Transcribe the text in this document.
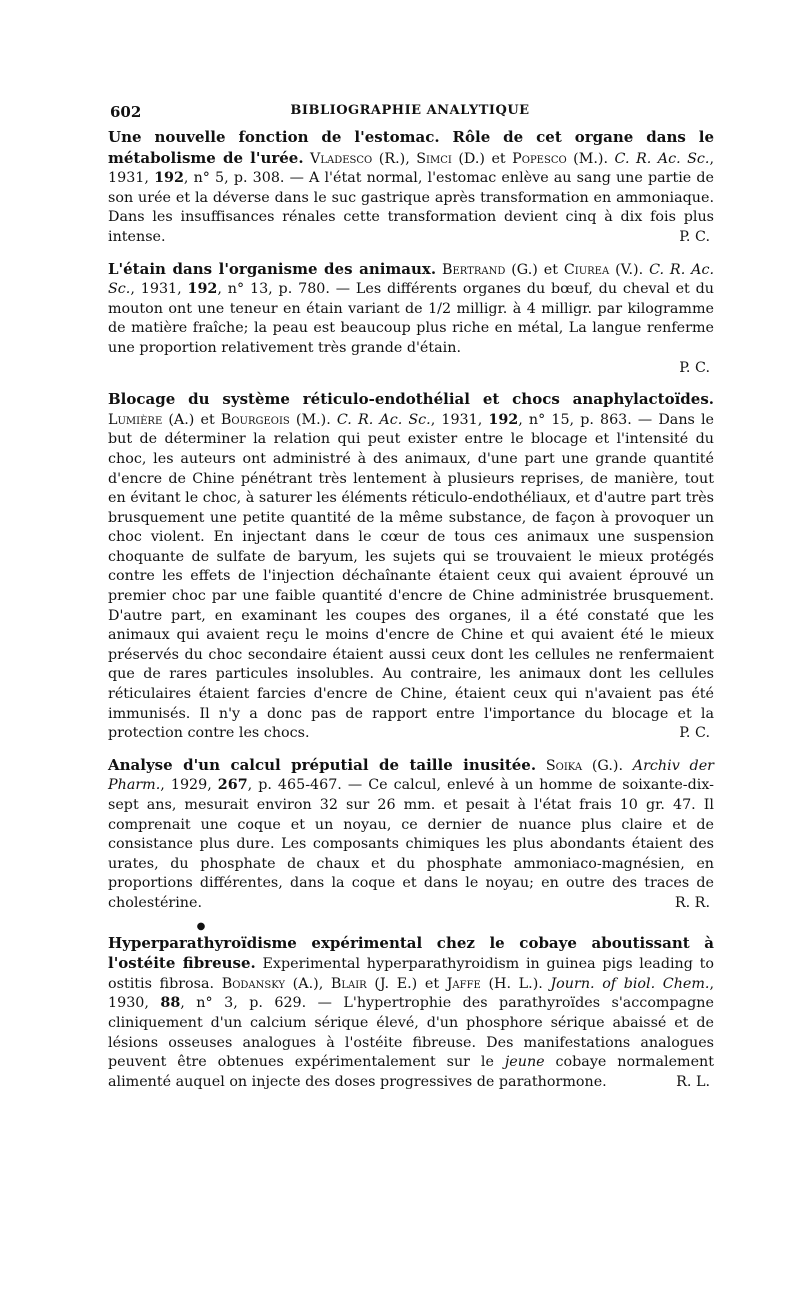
602	BIBLIOGRAPHIE ANALYTIQUE
Une nouvelle fonction de l'estomac. Rôle de cet organe dans le métabolisme de l'urée. Vladesco (R.), Simci (D.) et Popesco (M.). C. R. Ac. Sc., 1931, 192, n° 5, p. 308. — A l'état normal, l'estomac enlève au sang une partie de son urée et la déverse dans le suc gastrique après transformation en ammoniaque. Dans les insuffisances rénales cette transformation devient cinq à dix fois plus intense.	P. C.
L'étain dans l'organisme des animaux. Bertrand (G.) et Ciurea (V.). C. R. Ac. Sc., 1931, 192, n° 13, p. 780. — Les différents organes du bœuf, du cheval et du mouton ont une teneur en étain variant de 1/2 milligr. à 4 milligr. par kilogramme de matière fraîche; la peau est beaucoup plus riche en métal, La langue renferme une proportion relativement très grande d'étain.
P. C.
Blocage du système réticulo-endothélial et chocs anaphylactoïdes. Lumière (A.) et Bourgeois (M.). C. R. Ac. Sc., 1931, 192, n° 15, p. 863. — Dans le but de déterminer la relation qui peut exister entre le blocage et l'intensité du choc, les auteurs ont administré à des animaux, d'une part une grande quantité d'encre de Chine pénétrant très lentement à plusieurs reprises, de manière, tout en évitant le choc, à saturer les éléments réticulo-endothéliaux, et d'autre part très brusquement une petite quantité de la même substance, de façon à provoquer un choc violent. En injectant dans le cœur de tous ces animaux une suspension choquante de sulfate de baryum, les sujets qui se trouvaient le mieux protégés contre les effets de l'injection déchaînante étaient ceux qui avaient éprouvé un premier choc par une faible quantité d'encre de Chine administrée brusquement. D'autre part, en examinant les coupes des organes, il a été constaté que les animaux qui avaient reçu le moins d'encre de Chine et qui avaient été le mieux préservés du choc secondaire étaient aussi ceux dont les cellules ne renfermaient que de rares particules insolubles. Au contraire, les animaux dont les cellules réticulaires étaient farcies d'encre de Chine, étaient ceux qui n'avaient pas été immunisés. Il n'y a donc pas de rapport entre l'importance du blocage et la protection contre les chocs.	P. C.
Analyse d'un calcul préputial de taille inusitée. Soika (G.). Archiv der Pharm., 1929, 267, p. 465-467. — Ce calcul, enlevé à un homme de soixante-dix-sept ans, mesurait environ 32 sur 26 mm. et pesait à l'état frais 10 gr. 47. Il comprenait une coque et un noyau, ce dernier de nuance plus claire et de consistance plus dure. Les composants chimiques les plus abondants étaient des urates, du phosphate de chaux et du phosphate ammoniaco-magnésien, en proportions différentes, dans la coque et dans le noyau; en outre des traces de cholestérine.	R. R.
●
Hyperparathyroïdisme expérimental chez le cobaye aboutissant à l'ostéite fibreuse. Experimental hyperparathyroidism in guinea pigs leading to ostitis fibrosa. Bodansky (A.), Blair (J. E.) et Jaffe (H. L.). Journ. of biol. Chem., 1930, 88, n° 3, p. 629. — L'hypertrophie des parathyroïdes s'accompagne cliniquement d'un calcium sérique élevé, d'un phosphore sérique abaissé et de lésions osseuses analogues à l'ostéite fibreuse. Des manifestations analogues peuvent être obtenues expérimentalement sur le jeune cobaye normalement alimenté auquel on injecte des doses progressives de parathormone.	R. L.
